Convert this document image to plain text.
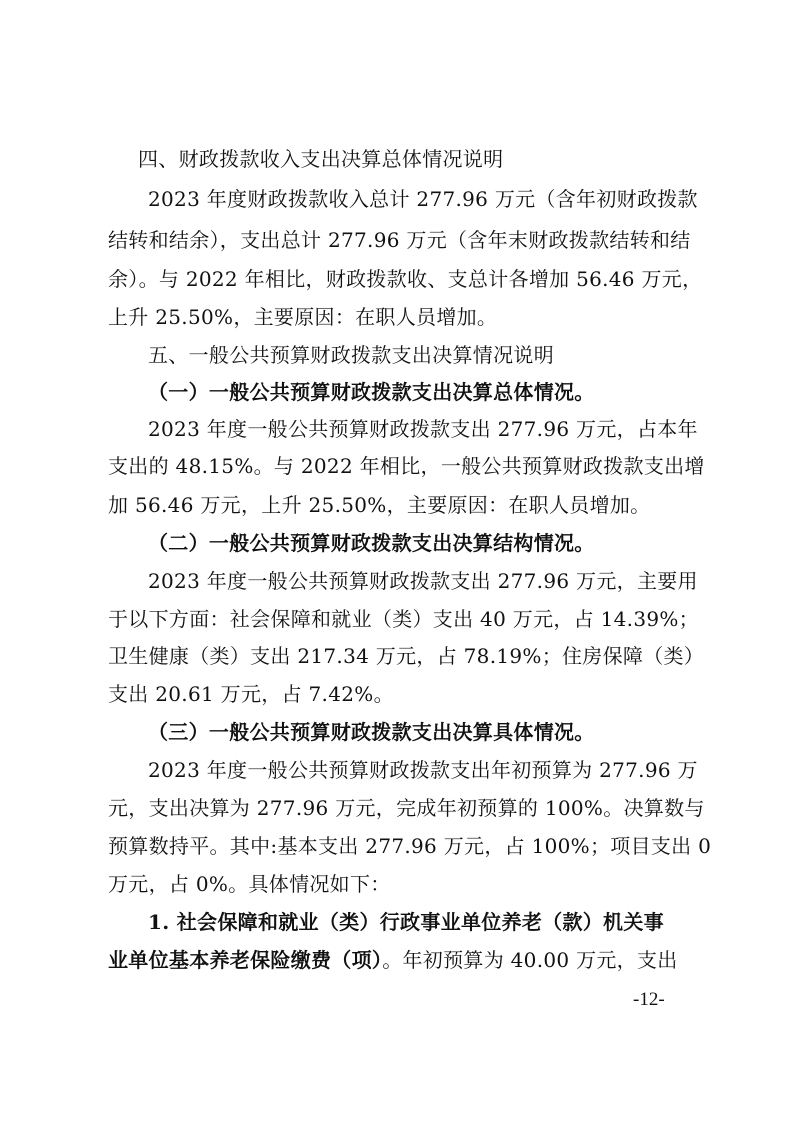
四、财政拨款收入支出决算总体情况说明
2023 年度财政拨款收入总计 277.96 万元（含年初财政拨款
结转和结余），支出总计 277.96 万元（含年末财政拨款结转和结
余）。与 2022 年相比，财政拨款收、支总计各增加 56.46 万元，
上升 25.50%，主要原因：在职人员增加。
五、一般公共预算财政拨款支出决算情况说明
（一）一般公共预算财政拨款支出决算总体情况。
2023 年度一般公共预算财政拨款支出 277.96 万元，占本年
支出的 48.15%。与 2022 年相比，一般公共预算财政拨款支出增
加 56.46 万元，上升 25.50%，主要原因：在职人员增加。
（二）一般公共预算财政拨款支出决算结构情况。
2023 年度一般公共预算财政拨款支出 277.96 万元，主要用
于以下方面：社会保障和就业（类）支出 40 万元，占 14.39%；
卫生健康（类）支出 217.34 万元，占 78.19%；住房保障（类）
支出 20.61 万元，占 7.42%。
（三）一般公共预算财政拨款支出决算具体情况。
2023 年度一般公共预算财政拨款支出年初预算为 277.96 万
元，支出决算为 277.96 万元，完成年初预算的 100%。决算数与
预算数持平。其中:基本支出 277.96 万元，占 100%；项目支出 0
万元，占 0%。具体情况如下：
1. 社会保障和就业（类）行政事业单位养老（款）机关事
业单位基本养老保险缴费（项）。年初预算为 40.00 万元，支出
-12-
